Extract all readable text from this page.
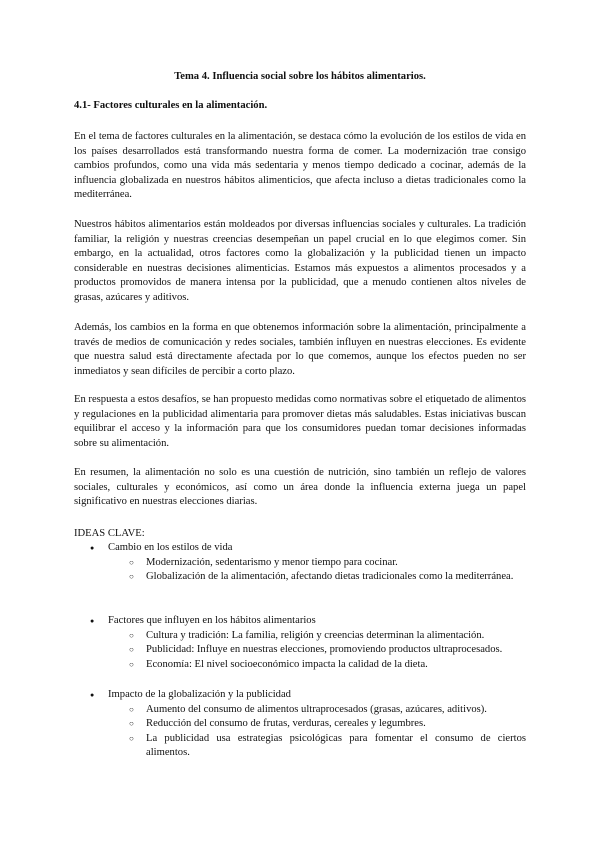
Tema 4. Influencia social sobre los hábitos alimentarios.
4.1- Factores culturales en la alimentación.

En el tema de factores culturales en la alimentación, se destaca cómo la evolución de los estilos de vida en los países desarrollados está transformando nuestra forma de comer. La modernización trae consigo cambios profundos, como una vida más sedentaria y menos tiempo dedicado a cocinar, además de la influencia globalizada en nuestros hábitos alimenticios, que afecta incluso a dietas tradicionales como la mediterránea.

Nuestros hábitos alimentarios están moldeados por diversas influencias sociales y culturales. La tradición familiar, la religión y nuestras creencias desempeñan un papel crucial en lo que elegimos comer. Sin embargo, en la actualidad, otros factores como la globalización y la publicidad tienen un impacto considerable en nuestras decisiones alimenticias. Estamos más expuestos a alimentos procesados y a productos promovidos de manera intensa por la publicidad, que a menudo contienen altos niveles de grasas, azúcares y aditivos.

Además, los cambios en la forma en que obtenemos información sobre la alimentación, principalmente a través de medios de comunicación y redes sociales, también influyen en nuestras elecciones. Es evidente que nuestra salud está directamente afectada por lo que comemos, aunque los efectos pueden no ser inmediatos y sean difíciles de percibir a corto plazo.

En respuesta a estos desafíos, se han propuesto medidas como normativas sobre el etiquetado de alimentos y regulaciones en la publicidad alimentaria para promover dietas más saludables. Estas iniciativas buscan equilibrar el acceso y la información para que los consumidores puedan tomar decisiones informadas sobre su alimentación.

En resumen, la alimentación no solo es una cuestión de nutrición, sino también un reflejo de valores sociales, culturales y económicos, así como un área donde la influencia externa juega un papel significativo en nuestras elecciones diarias.

IDEAS CLAVE:
● Cambio en los estilos de vida
○ Modernización, sedentarismo y menor tiempo para cocinar.
○ Globalización de la alimentación, afectando dietas tradicionales como la mediterránea.
● Factores que influyen en los hábitos alimentarios
○ Cultura y tradición: La familia, religión y creencias determinan la alimentación.
○ Publicidad: Influye en nuestras elecciones, promoviendo productos ultraprocesados.
○ Economía: El nivel socioeconómico impacta la calidad de la dieta.
● Impacto de la globalización y la publicidad
○ Aumento del consumo de alimentos ultraprocesados (grasas, azúcares, aditivos).
○ Reducción del consumo de frutas, verduras, cereales y legumbres.
○ La publicidad usa estrategias psicológicas para fomentar el consumo de ciertos alimentos.
